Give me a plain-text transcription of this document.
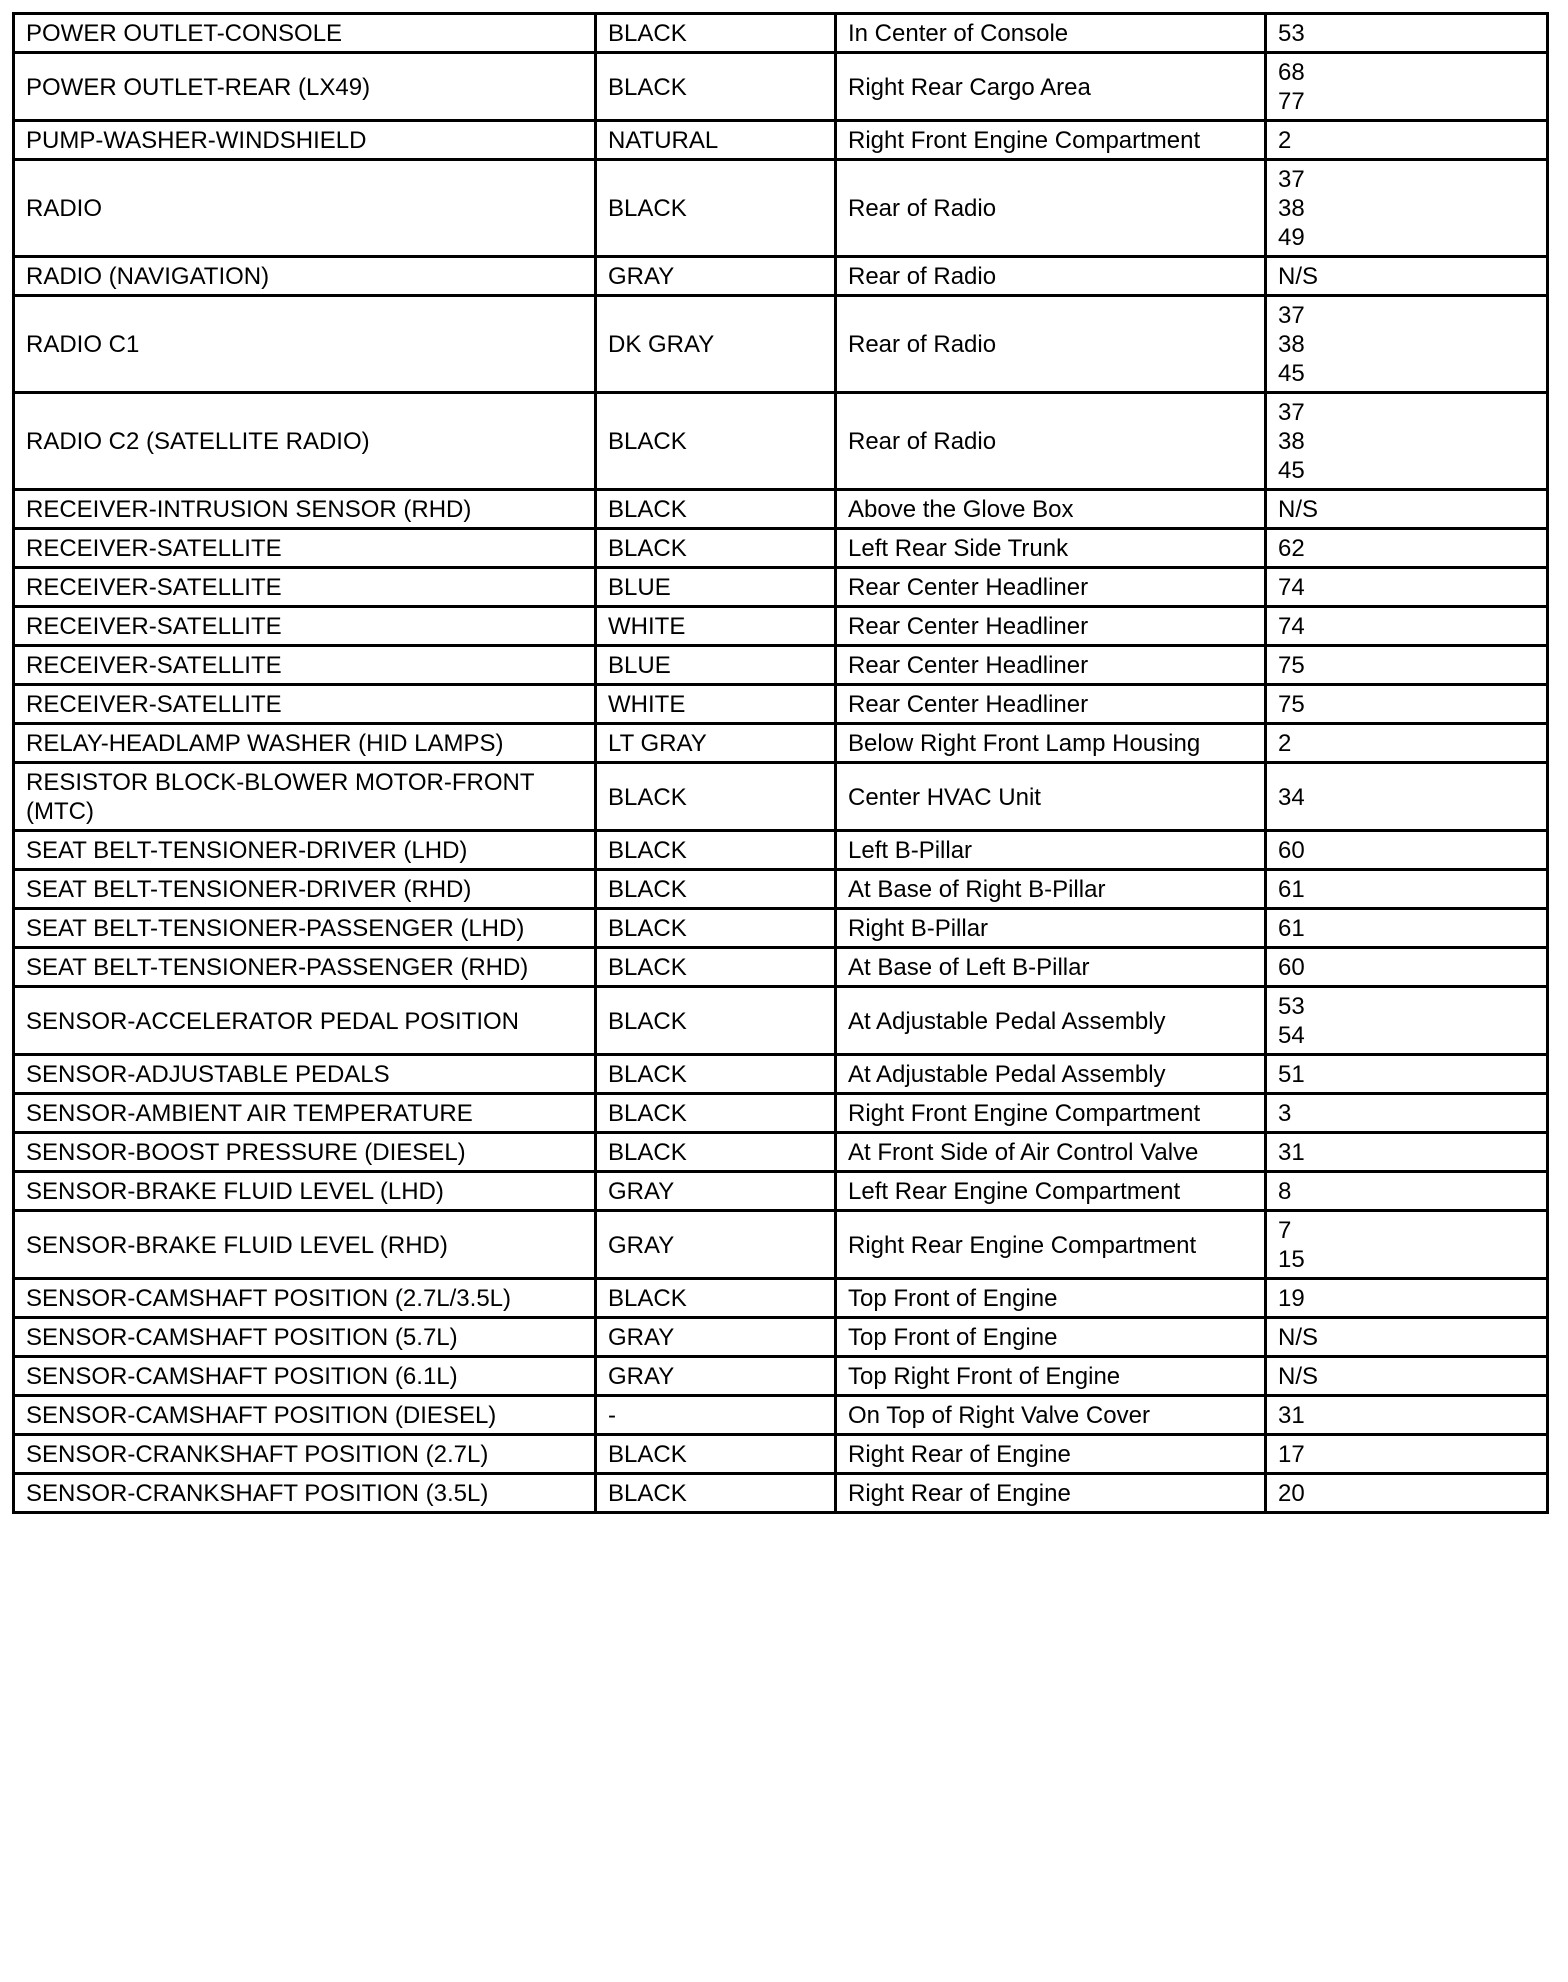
POWER OUTLET-CONSOLE	BLACK	In Center of Console	53

POWER OUTLET-REAR (LX49)	BLACK	Right Rear Cargo Area	68
77

PUMP-WASHER-WINDSHIELD	NATURAL	Right Front Engine Compartment	2

RADIO	BLACK	Rear of Radio	37
38
49

RADIO (NAVIGATION)	GRAY	Rear of Radio	N/S

RADIO C1	DK GRAY	Rear of Radio	37
38
45

RADIO C2 (SATELLITE RADIO)	BLACK	Rear of Radio	37
38
45

RECEIVER-INTRUSION SENSOR (RHD)	BLACK	Above the Glove Box	N/S

RECEIVER-SATELLITE	BLACK	Left Rear Side Trunk	62

RECEIVER-SATELLITE	BLUE	Rear Center Headliner	74

RECEIVER-SATELLITE	WHITE	Rear Center Headliner	74

RECEIVER-SATELLITE	BLUE	Rear Center Headliner	75

RECEIVER-SATELLITE	WHITE	Rear Center Headliner	75

RELAY-HEADLAMP WASHER (HID LAMPS)	LT GRAY	Below Right Front Lamp Housing	2

RESISTOR BLOCK-BLOWER MOTOR-FRONT (MTC)	BLACK	Center HVAC Unit	34

SEAT BELT-TENSIONER-DRIVER (LHD)	BLACK	Left B-Pillar	60

SEAT BELT-TENSIONER-DRIVER (RHD)	BLACK	At Base of Right B-Pillar	61

SEAT BELT-TENSIONER-PASSENGER (LHD)	BLACK	Right B-Pillar	61

SEAT BELT-TENSIONER-PASSENGER (RHD)	BLACK	At Base of Left B-Pillar	60

SENSOR-ACCELERATOR PEDAL POSITION	BLACK	At Adjustable Pedal Assembly	53
54

SENSOR-ADJUSTABLE PEDALS	BLACK	At Adjustable Pedal Assembly	51

SENSOR-AMBIENT AIR TEMPERATURE	BLACK	Right Front Engine Compartment	3

SENSOR-BOOST PRESSURE (DIESEL)	BLACK	At Front Side of Air Control Valve	31

SENSOR-BRAKE FLUID LEVEL (LHD)	GRAY	Left Rear Engine Compartment	8

SENSOR-BRAKE FLUID LEVEL (RHD)	GRAY	Right Rear Engine Compartment	7
15

SENSOR-CAMSHAFT POSITION (2.7L/3.5L)	BLACK	Top Front of Engine	19

SENSOR-CAMSHAFT POSITION (5.7L)	GRAY	Top Front of Engine	N/S

SENSOR-CAMSHAFT POSITION (6.1L)	GRAY	Top Right Front of Engine	N/S

SENSOR-CAMSHAFT POSITION (DIESEL)	-	On Top of Right Valve Cover	31

SENSOR-CRANKSHAFT POSITION (2.7L)	BLACK	Right Rear of Engine	17

SENSOR-CRANKSHAFT POSITION (3.5L)	BLACK	Right Rear of Engine	20
